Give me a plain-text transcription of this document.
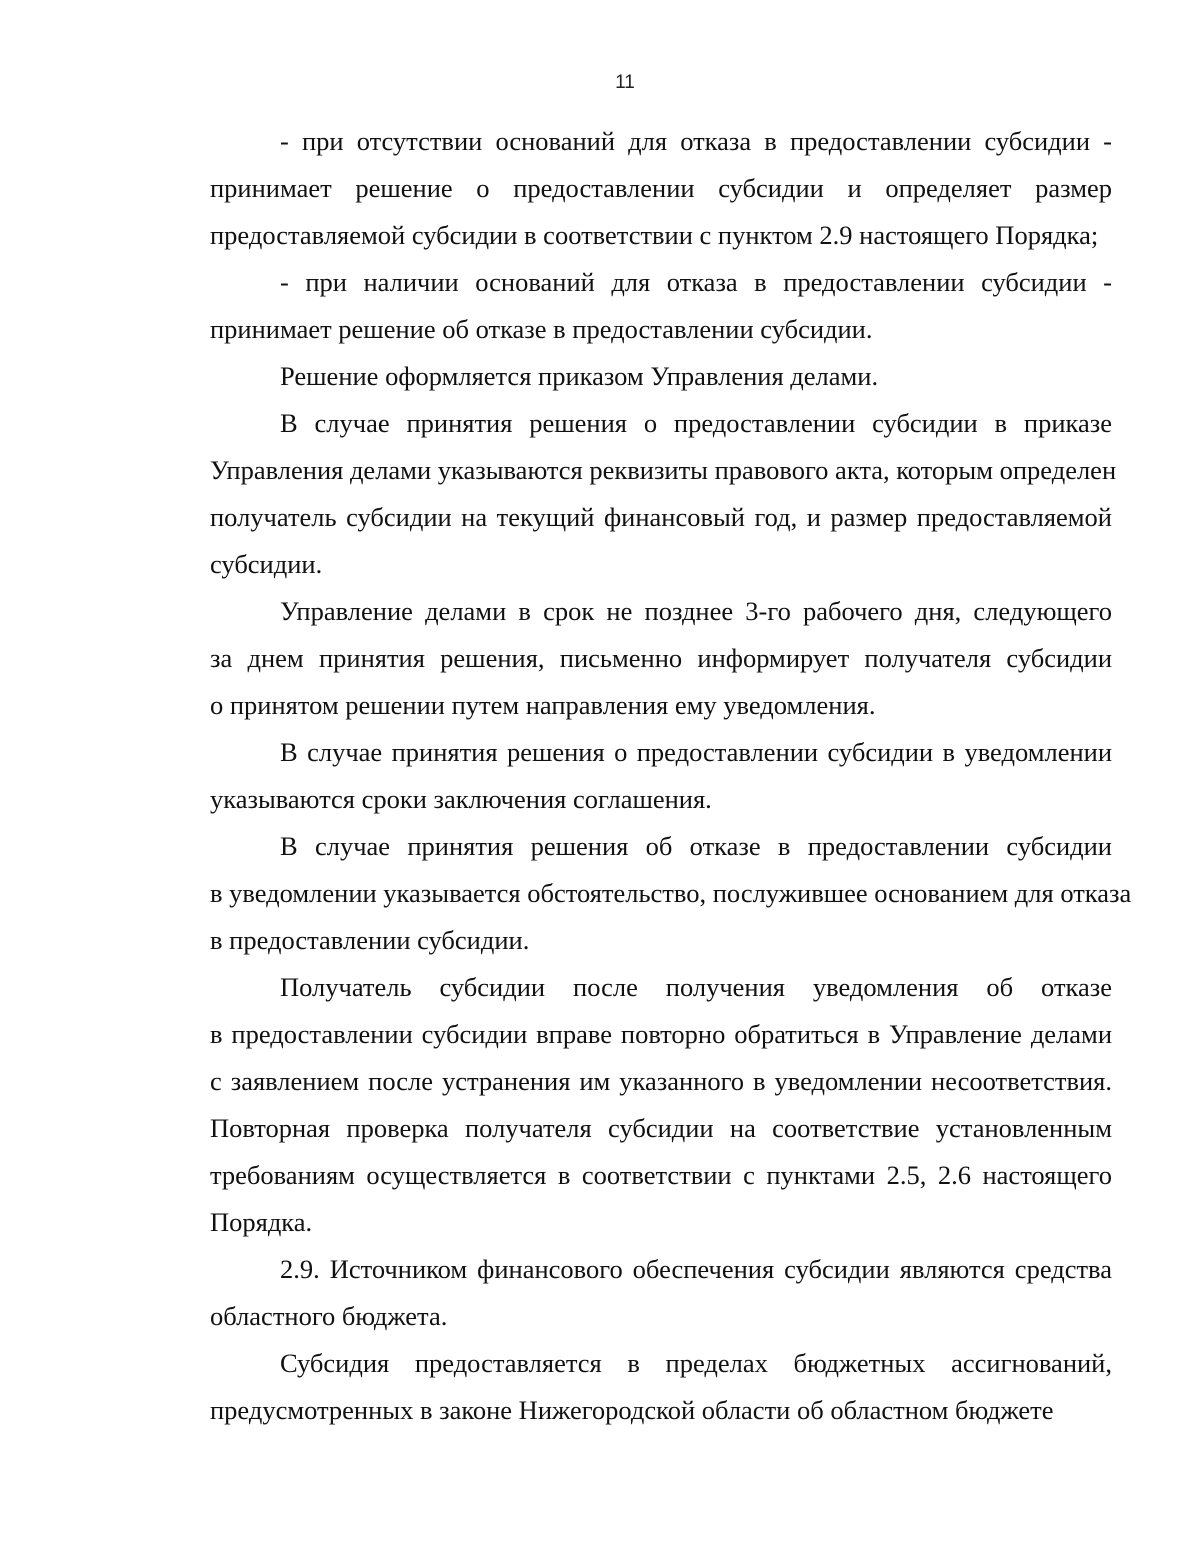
11
- при отсутствии оснований для отказа в предоставлении субсидии -
принимает решение о предоставлении субсидии и определяет размер
предоставляемой субсидии в соответствии с пунктом 2.9 настоящего Порядка;
- при наличии оснований для отказа в предоставлении субсидии -
принимает решение об отказе в предоставлении субсидии.
Решение оформляется приказом Управления делами.
В случае принятия решения о предоставлении субсидии в приказе
Управления делами указываются реквизиты правового акта, которым определен
получатель субсидии на текущий финансовый год, и размер предоставляемой
субсидии.
Управление делами в срок не позднее 3-го рабочего дня, следующего
за днем принятия решения, письменно информирует получателя субсидии
о принятом решении путем направления ему уведомления.
В случае принятия решения о предоставлении субсидии в уведомлении
указываются сроки заключения соглашения.
В случае принятия решения об отказе в предоставлении субсидии
в уведомлении указывается обстоятельство, послужившее основанием для отказа
в предоставлении субсидии.
Получатель субсидии после получения уведомления об отказе
в предоставлении субсидии вправе повторно обратиться в Управление делами
с заявлением после устранения им указанного в уведомлении несоответствия.
Повторная проверка получателя субсидии на соответствие установленным
требованиям осуществляется в соответствии с пунктами 2.5, 2.6 настоящего
Порядка.
2.9. Источником финансового обеспечения субсидии являются средства
областного бюджета.
Субсидия предоставляется в пределах бюджетных ассигнований,
предусмотренных в законе Нижегородской области об областном бюджете
